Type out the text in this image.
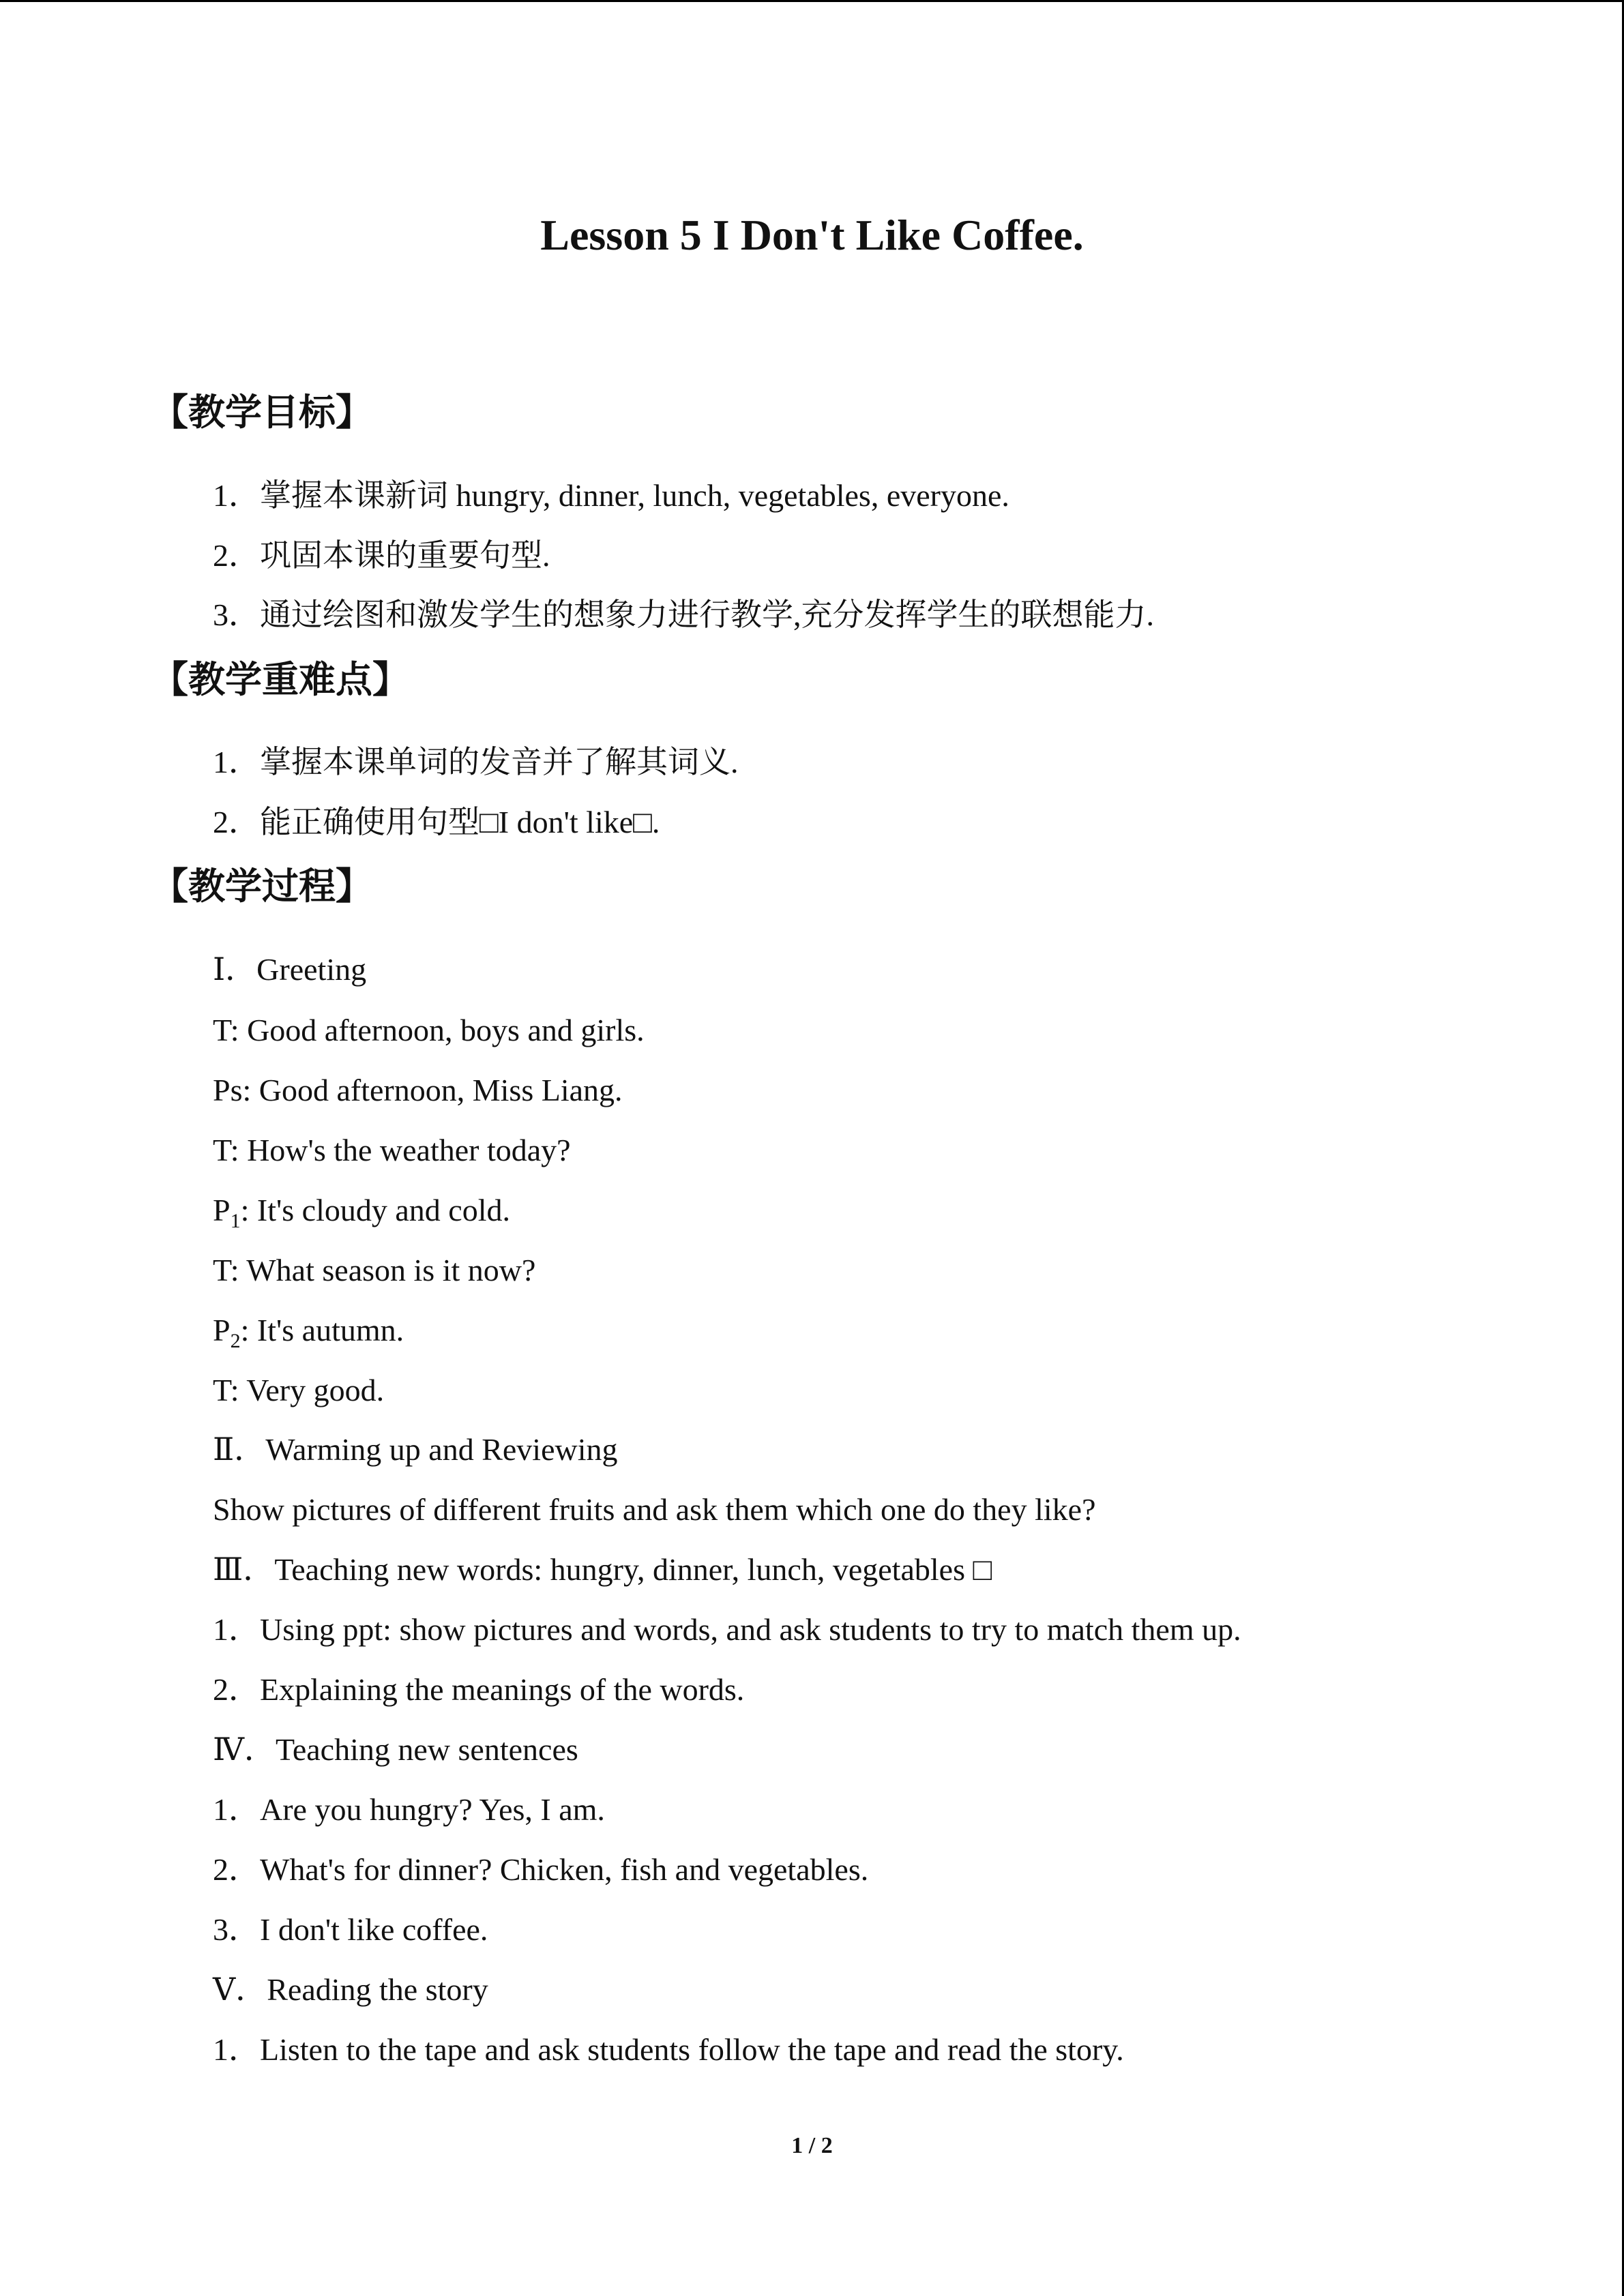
Lesson 5 I Don't Like Coffee.
【教学目标】
1．掌握本课新词 hungry, dinner, lunch, vegetables, everyone.
2．巩固本课的重要句型.
3．通过绘图和激发学生的想象力进行教学,充分发挥学生的联想能力.
【教学重难点】
1．掌握本课单词的发音并了解其词义.
2．能正确使用句型□I don't like□.
【教学过程】
Ⅰ．Greeting
T: Good afternoon, boys and girls.
Ps: Good afternoon, Miss Liang.
T: How's the weather today?
$P_1$: It's cloudy and cold.
T: What season is it now?
$P_2$: It's autumn.
T: Very good.
Ⅱ．Warming up and Reviewing
Show pictures of different fruits and ask them which one do they like?
Ⅲ．Teaching new words: hungry, dinner, lunch, vegetables □
1．Using ppt: show pictures and words, and ask students to try to match them up.
2．Explaining the meanings of the words.
Ⅳ．Teaching new sentences
1．Are you hungry? Yes, I am.
2．What's for dinner? Chicken, fish and vegetables.
3．I don't like coffee.
Ⅴ．Reading the story
1．Listen to the tape and ask students follow the tape and read the story.
1 / 2
